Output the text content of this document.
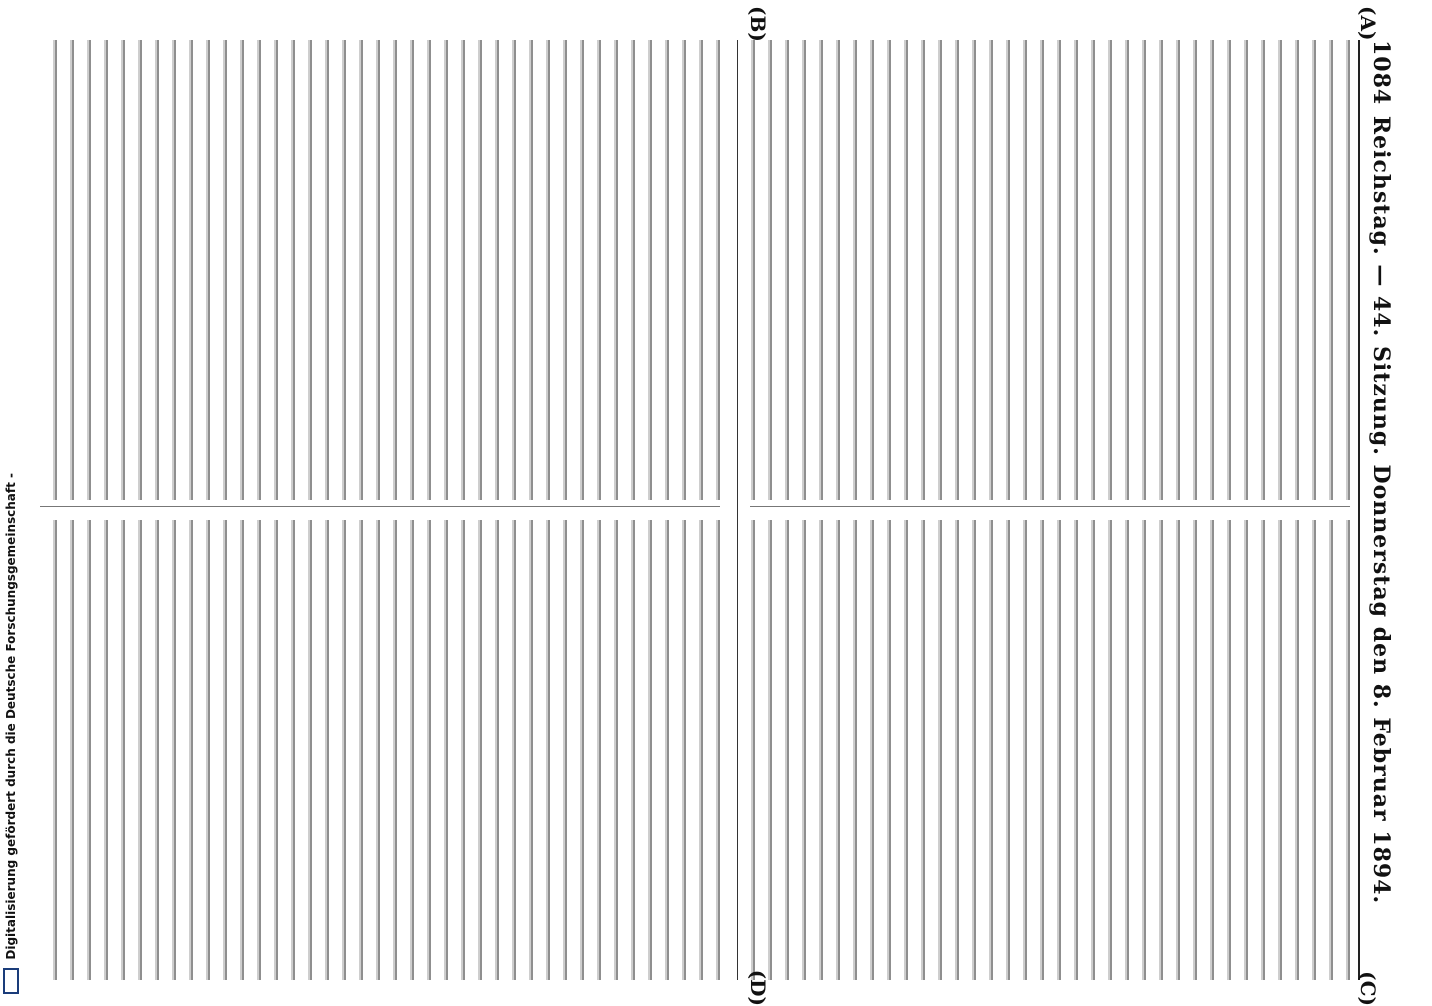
1084
Reichstag. — 44. Sitzung. Donnerstag den 8. Februar 1894.
(A)
(B)
(C)
(D)
Digitalisierung gefördert durch die Deutsche Forschungsgemeinschaft -
